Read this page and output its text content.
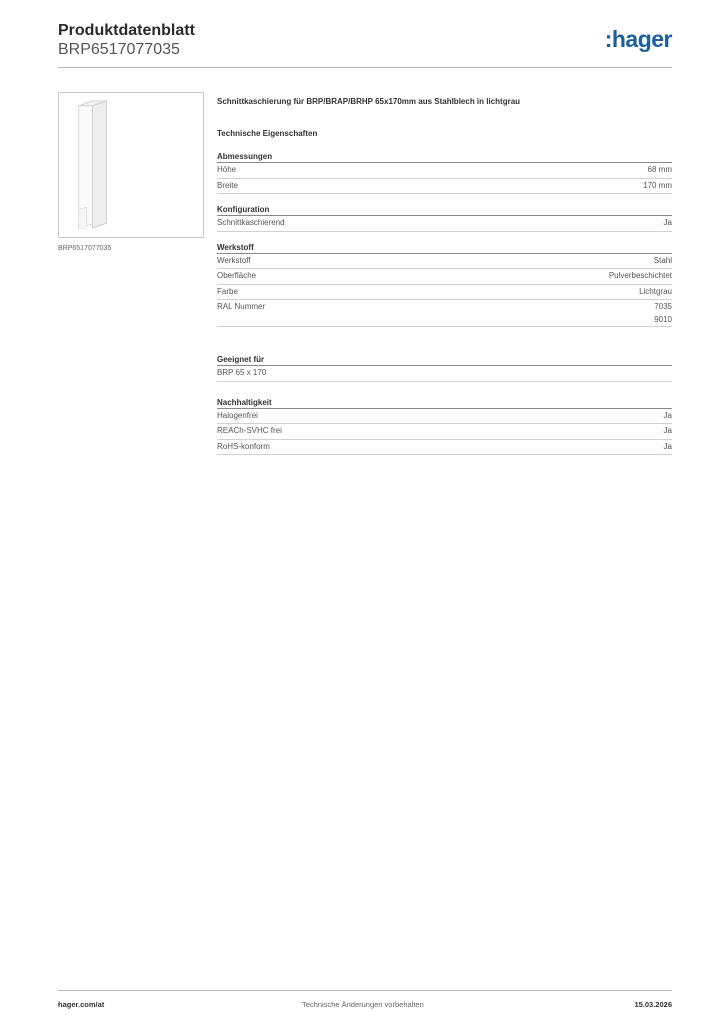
Produktdatenblatt
BRP6517077035	:hager
BRP6517077035
Schnittkaschierung für BRP/BRAP/BRHP 65x170mm aus Stahlblech in lichtgrau
Technische Eigenschaften
Abmessungen
Höhe	68 mm
Breite	170 mm
Konfiguration
Schnittkaschierend	Ja
Werkstoff
Werkstoff	Stahl
Oberfläche	Pulverbeschichtet
Farbe	Lichtgrau
RAL Nummer	7035
9010
Geeignet für
BRP 65 x 170
Nachhaltigkeit
Halogenfrei	Ja
REACh-SVHC frei	Ja
RoHS-konform	Ja
hager.com/at	Technische Änderungen vorbehalten	15.03.2026
